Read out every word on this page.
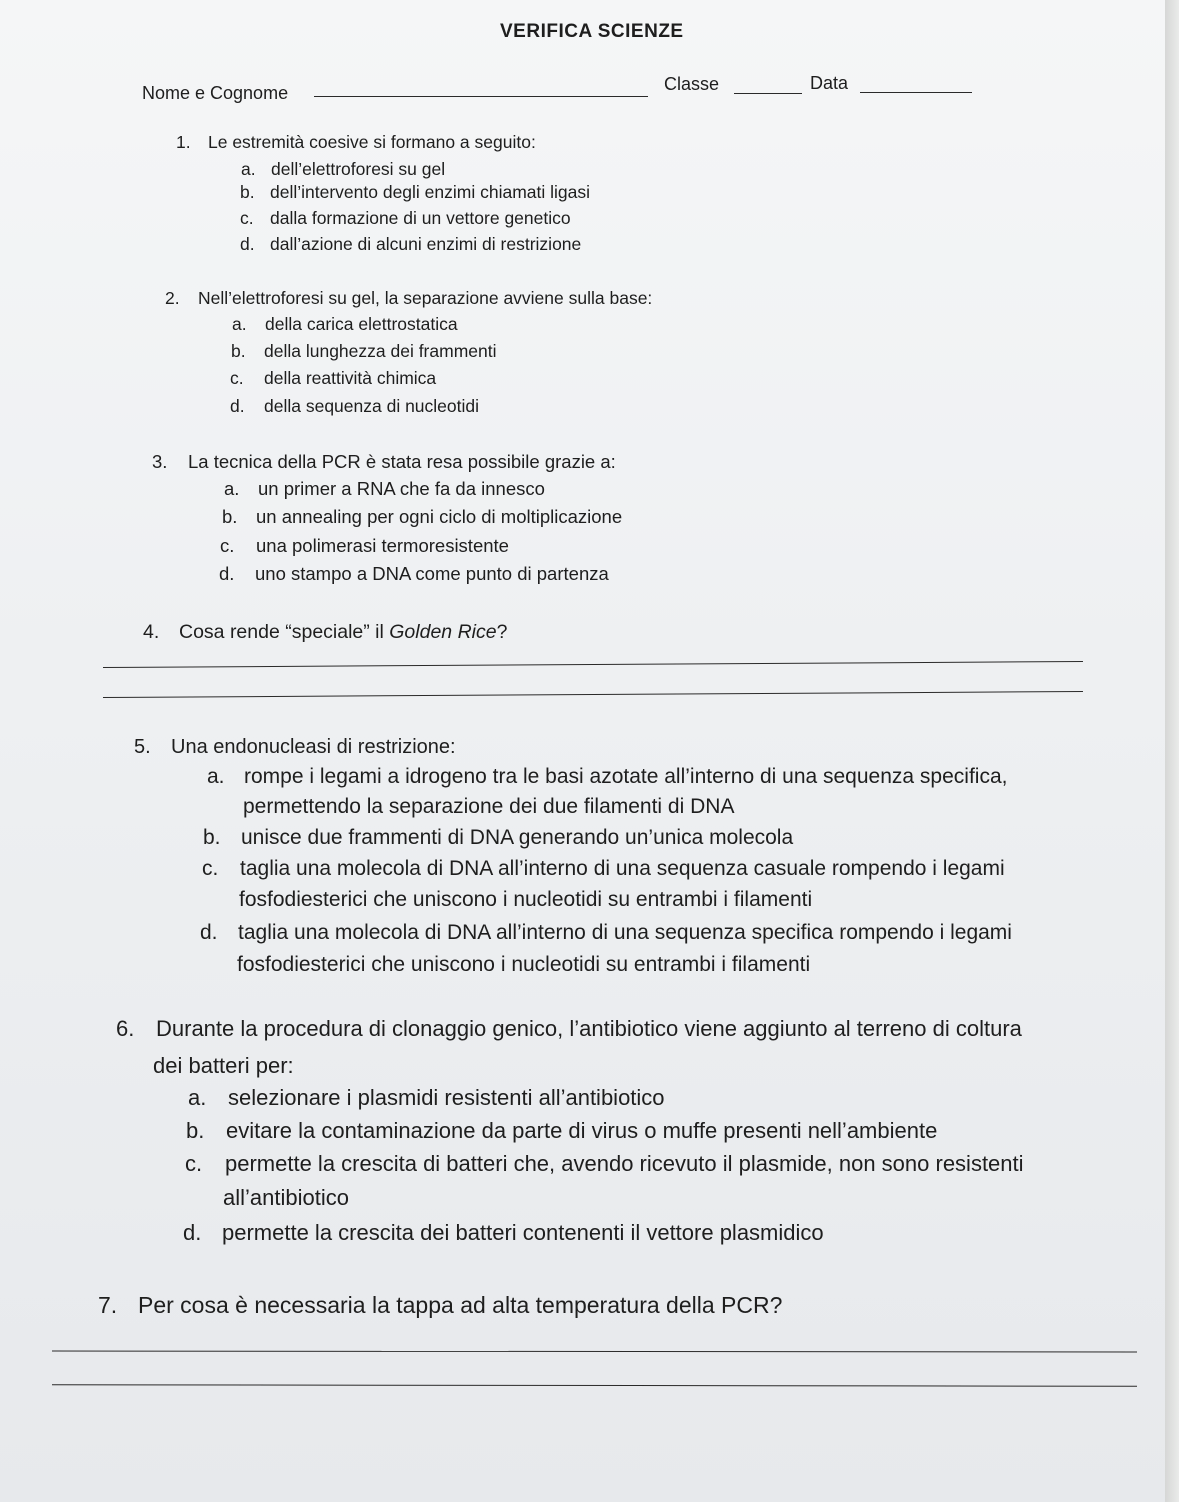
VERIFICA SCIENZE
Nome e Cognome	Classe	Data
1. Le estremità coesive si formano a seguito:
a. dell’elettroforesi su gel
b. dell’intervento degli enzimi chiamati ligasi
c. dalla formazione di un vettore genetico
d. dall’azione di alcuni enzimi di restrizione
2. Nell’elettroforesi su gel, la separazione avviene sulla base:
a. della carica elettrostatica
b. della lunghezza dei frammenti
c. della reattività chimica
d. della sequenza di nucleotidi
3. La tecnica della PCR è stata resa possibile grazie a:
a. un primer a RNA che fa da innesco
b. un annealing per ogni ciclo di moltiplicazione
c. una polimerasi termoresistente
d. uno stampo a DNA come punto di partenza
4. Cosa rende “speciale” il Golden Rice?
5. Una endonucleasi di restrizione:
a. rompe i legami a idrogeno tra le basi azotate all’interno di una sequenza specifica,
permettendo la separazione dei due filamenti di DNA
b. unisce due frammenti di DNA generando un’unica molecola
c. taglia una molecola di DNA all’interno di una sequenza casuale rompendo i legami
fosfodiesterici che uniscono i nucleotidi su entrambi i filamenti
d. taglia una molecola di DNA all’interno di una sequenza specifica rompendo i legami
fosfodiesterici che uniscono i nucleotidi su entrambi i filamenti
6. Durante la procedura di clonaggio genico, l’antibiotico viene aggiunto al terreno di coltura
dei batteri per:
a. selezionare i plasmidi resistenti all’antibiotico
b. evitare la contaminazione da parte di virus o muffe presenti nell’ambiente
c. permette la crescita di batteri che, avendo ricevuto il plasmide, non sono resistenti
all’antibiotico
d. permette la crescita dei batteri contenenti il vettore plasmidico
7. Per cosa è necessaria la tappa ad alta temperatura della PCR?
